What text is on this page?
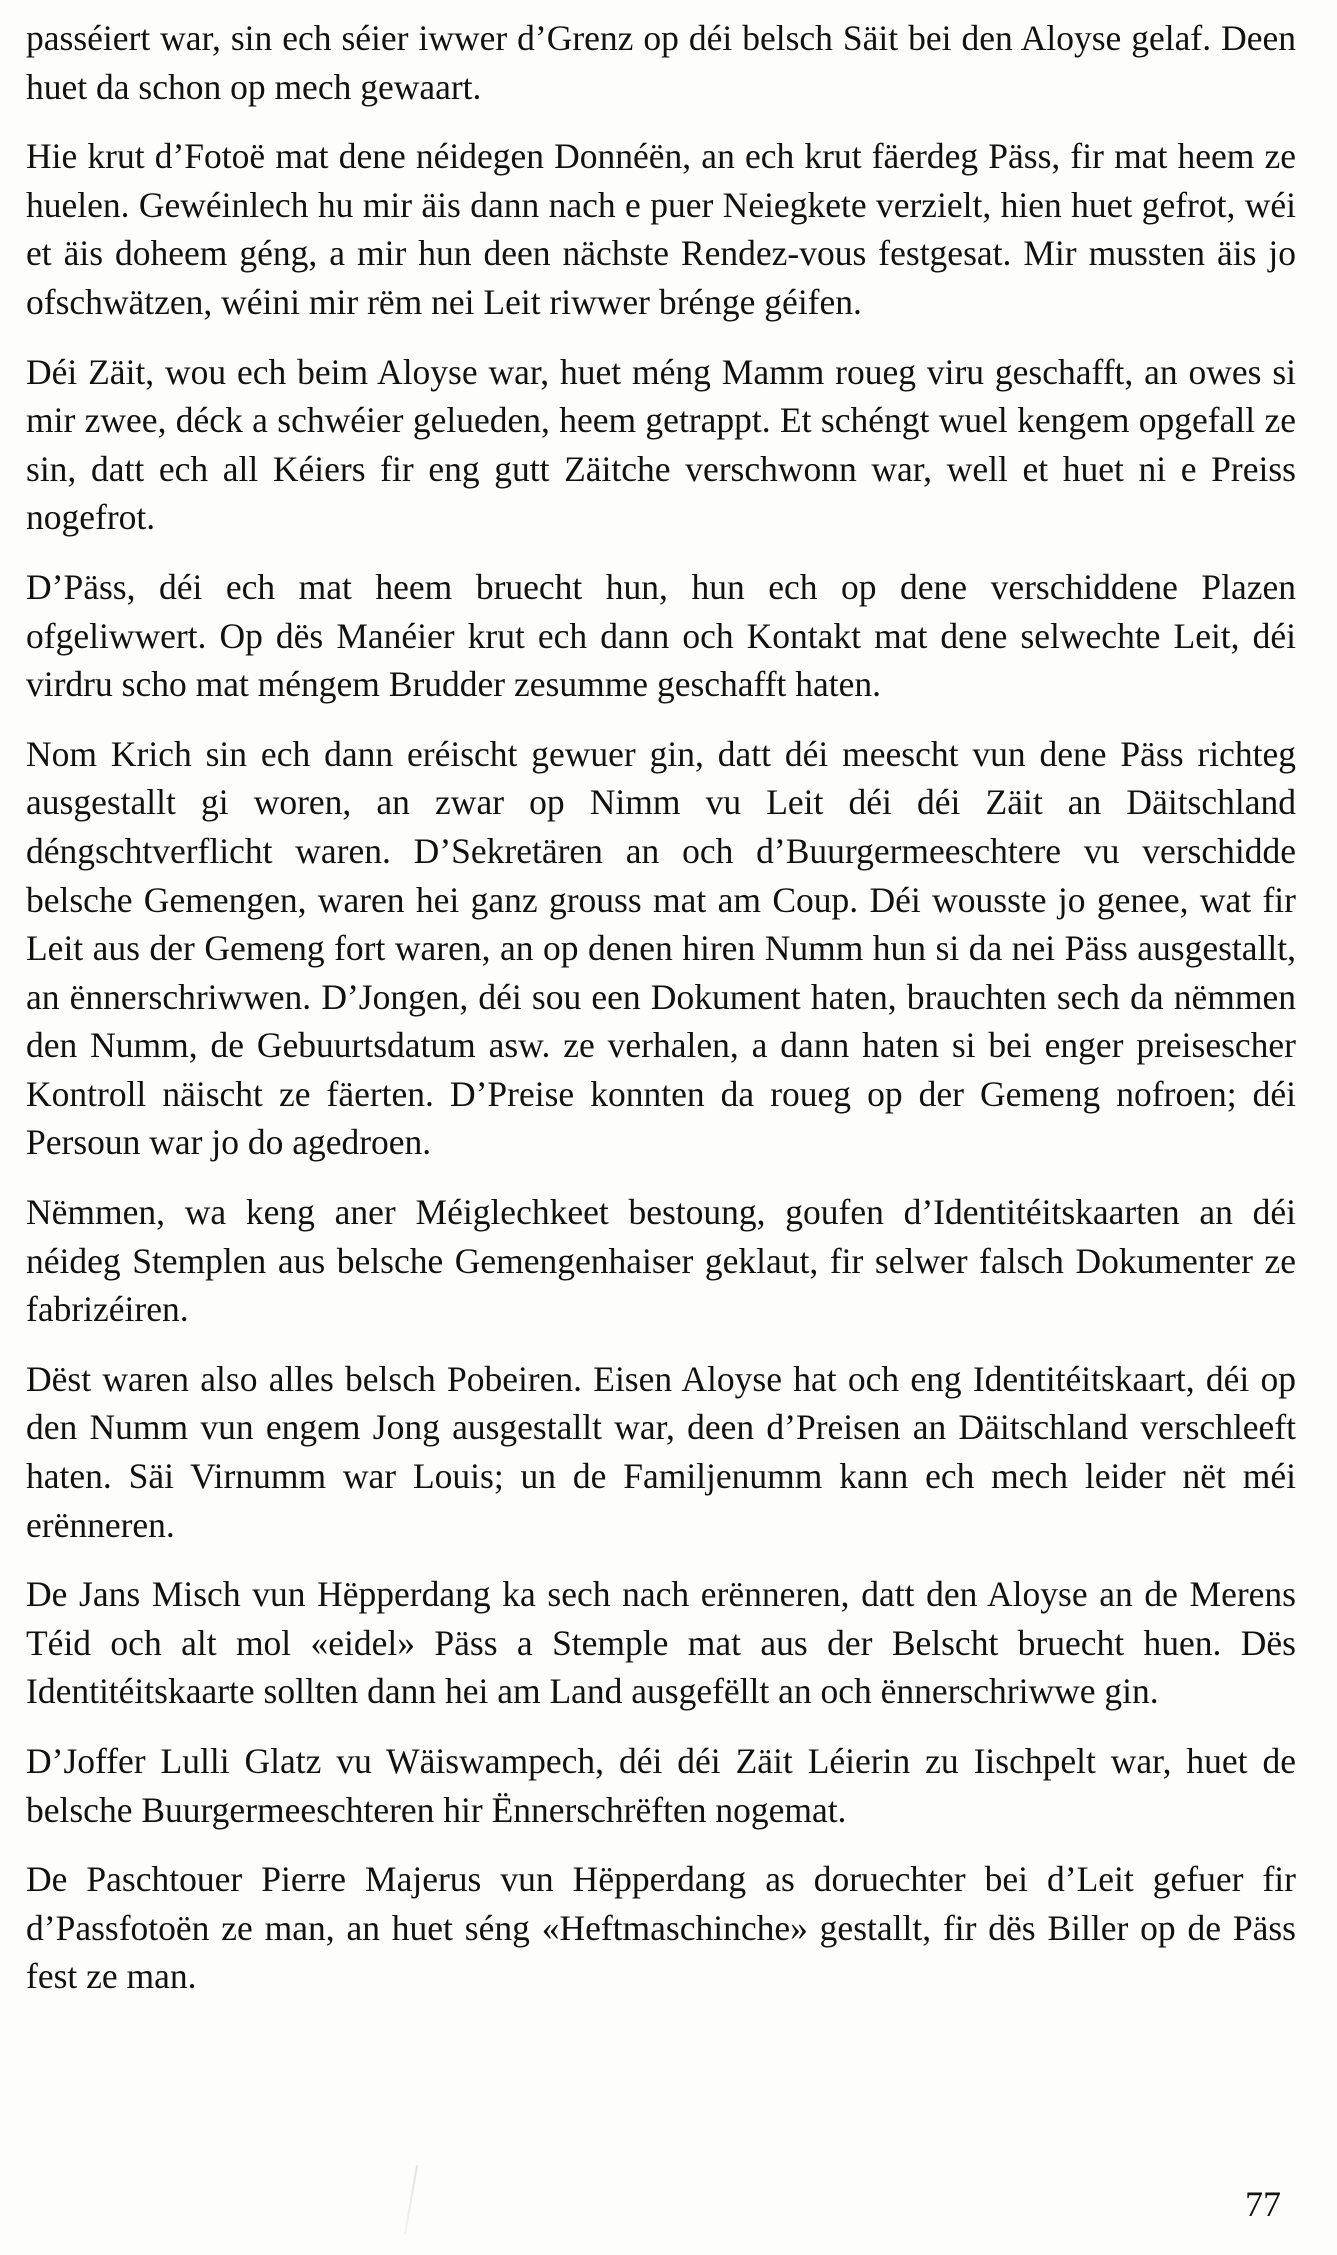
passéiert war, sin ech séier iwwer d’Grenz op déi belsch Säit bei den Aloyse gelaf. Deen huet da schon op mech gewaart.

Hie krut d’Fotoë mat dene néidegen Donnéën, an ech krut fäerdeg Päss, fir mat heem ze huelen. Gewéinlech hu mir äis dann nach e puer Neiegkete verzielt, hien huet gefrot, wéi et äis doheem géng, a mir hun deen nächste Rendez-vous festgesat. Mir mussten äis jo ofschwätzen, wéini mir rëm nei Leit riwwer brénge géifen.

Déi Zäit, wou ech beim Aloyse war, huet méng Mamm roueg viru geschafft, an owes si mir zwee, déck a schwéier gelueden, heem getrappt. Et schéngt wuel kengem opgefall ze sin, datt ech all Kéiers fir eng gutt Zäitche verschwonn war, well et huet ni e Preiss nogefrot.

D’Päss, déi ech mat heem bruecht hun, hun ech op dene verschiddene Plazen ofgeliwwert. Op dës Manéier krut ech dann och Kontakt mat dene selwechte Leit, déi virdru scho mat méngem Brudder zesumme geschafft haten.

Nom Krich sin ech dann eréischt gewuer gin, datt déi meescht vun dene Päss richteg ausgestallt gi woren, an zwar op Nimm vu Leit déi déi Zäit an Däitschland déngschtverflicht waren. D’Sekretären an och d’Buurgermeeschtere vu verschidde belsche Gemengen, waren hei ganz grouss mat am Coup. Déi wousste jo genee, wat fir Leit aus der Gemeng fort waren, an op denen hiren Numm hun si da nei Päss ausgestallt, an ënnerschriwwen. D’Jongen, déi sou een Dokument haten, brauchten sech da nëmmen den Numm, de Gebuurtsdatum asw. ze verhalen, a dann haten si bei enger preisescher Kontroll näischt ze fäerten. D’Preise konnten da roueg op der Gemeng nofroen; déi Persoun war jo do agedroen.

Nëmmen, wa keng aner Méiglechkeet bestoung, goufen d’Identitéitskaarten an déi néideg Stemplen aus belsche Gemengenhaiser geklaut, fir selwer falsch Dokumenter ze fabrizéiren.

Dëst waren also alles belsch Pobeiren. Eisen Aloyse hat och eng Identitéitskaart, déi op den Numm vun engem Jong ausgestallt war, deen d’Preisen an Däitschland verschleeft haten. Säi Virnumm war Louis; un de Familjenumm kann ech mech leider nët méi erënneren.

De Jans Misch vun Hëpperdang ka sech nach erënneren, datt den Aloyse an de Merens Téid och alt mol «eidel» Päss a Stemple mat aus der Belscht bruecht huen. Dës Identitéitskaarte sollten dann hei am Land ausgefëllt an och ënnerschriwwe gin.

D’Joffer Lulli Glatz vu Wäiswampech, déi déi Zäit Léierin zu Iischpelt war, huet de belsche Buurgermeeschteren hir Ënnerschrëften nogemat.

De Paschtouer Pierre Majerus vun Hëpperdang as doruechter bei d’Leit gefuer fir d’Passfotoën ze man, an huet séng «Heftmaschinche» gestallt, fir dës Biller op de Päss fest ze man.

77
